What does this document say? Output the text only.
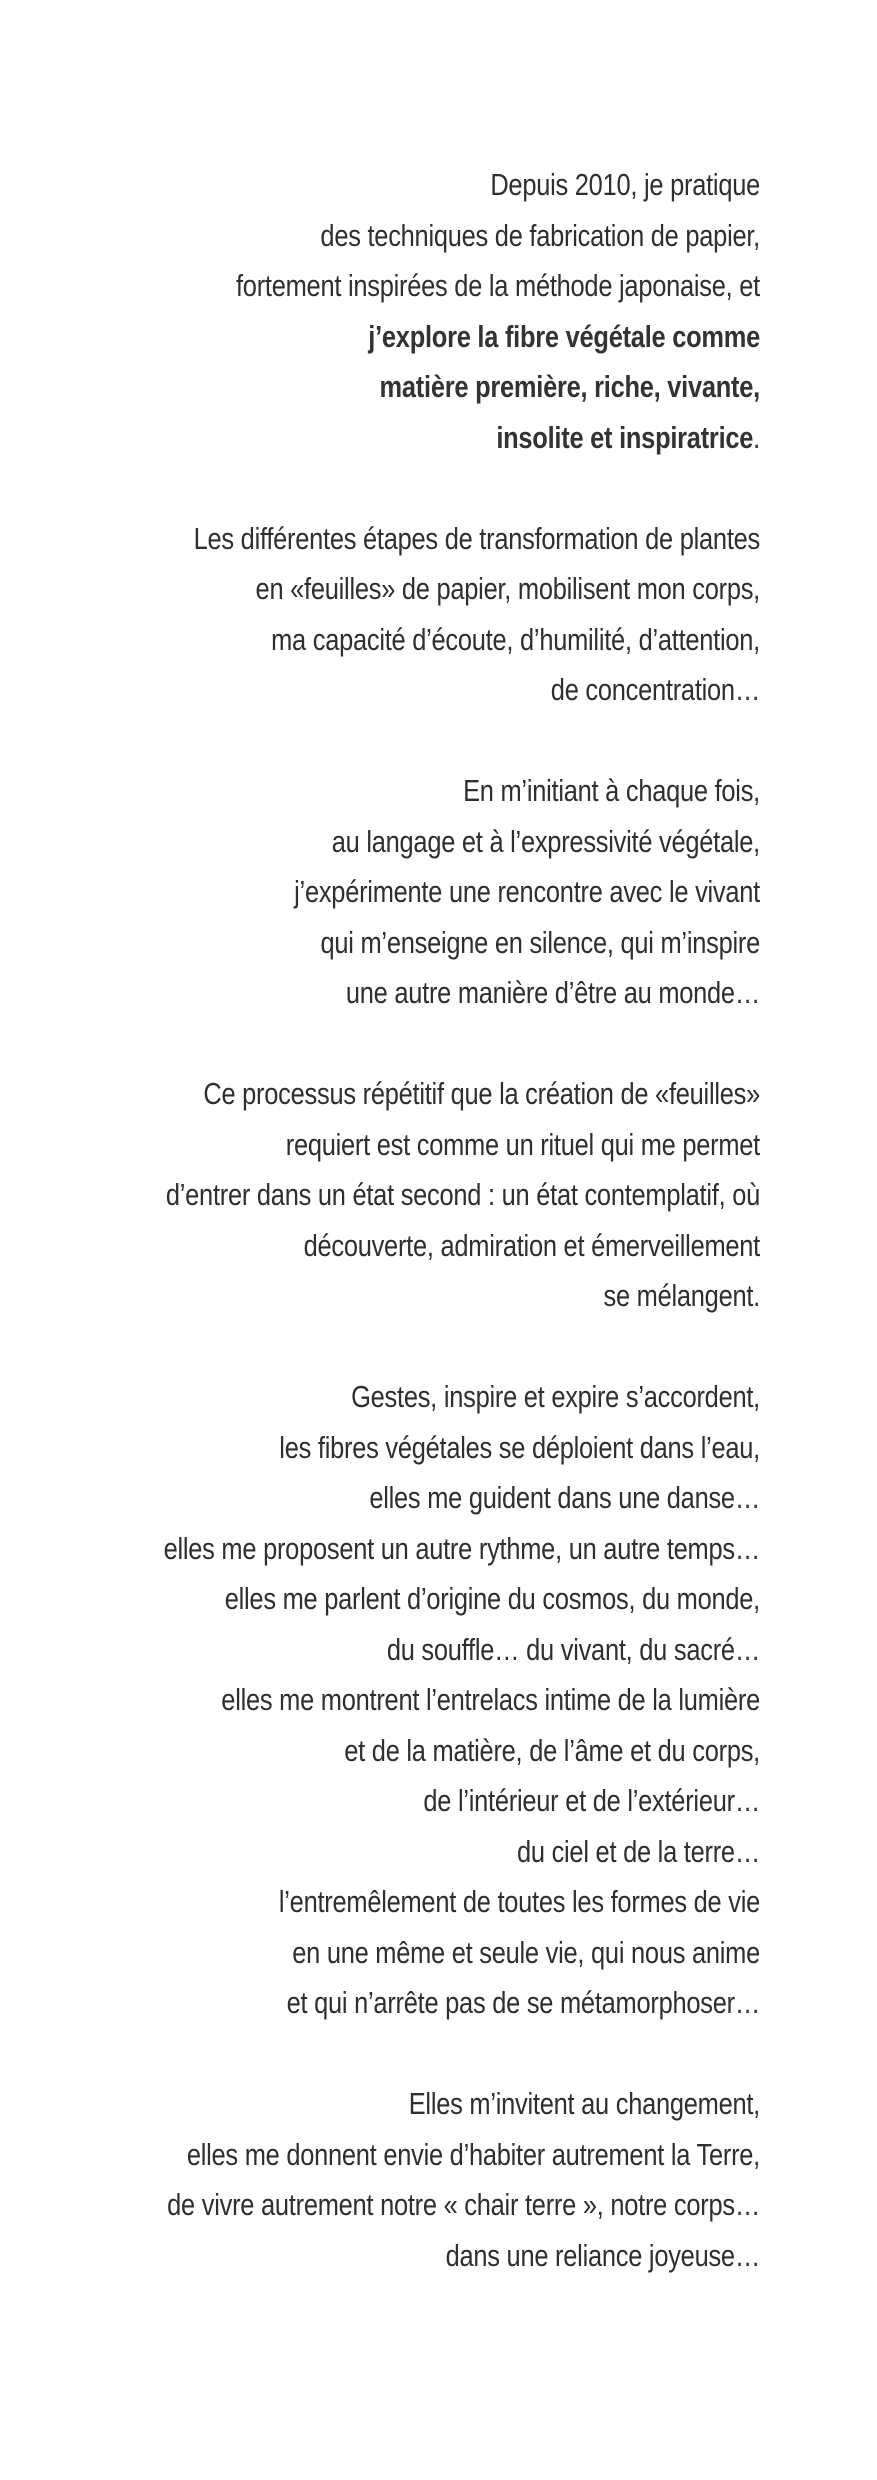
Depuis 2010, je pratique
des techniques de fabrication de papier,
fortement inspirées de la méthode japonaise, et
j’explore la fibre végétale comme
matière première, riche, vivante,
insolite et inspiratrice.
Les différentes étapes de transformation de plantes
en «feuilles» de papier, mobilisent mon corps,
ma capacité d’écoute, d’humilité, d’attention,
de concentration…
En m’initiant à chaque fois,
au langage et à l’expressivité végétale,
j’expérimente une rencontre avec le vivant
qui m’enseigne en silence, qui m’inspire
une autre manière d’être au monde…
Ce processus répétitif que la création de «feuilles»
requiert est comme un rituel qui me permet
d’entrer dans un état second : un état contemplatif, où
découverte, admiration et émerveillement
se mélangent.
Gestes, inspire et expire s’accordent,
les fibres végétales se déploient dans l’eau,
elles me guident dans une danse…
elles me proposent un autre rythme, un autre temps…
elles me parlent d’origine du cosmos, du monde,
du souffle… du vivant, du sacré…
elles me montrent l’entrelacs intime de la lumière
et de la matière, de l’âme et du corps,
de l’intérieur et de l’extérieur…
du ciel et de la terre…
l’entremêlement de toutes les formes de vie
en une même et seule vie, qui nous anime
et qui n’arrête pas de se métamorphoser…
Elles m’invitent au changement,
elles me donnent envie d’habiter autrement la Terre,
de vivre autrement notre « chair terre », notre corps…
dans une reliance joyeuse…
